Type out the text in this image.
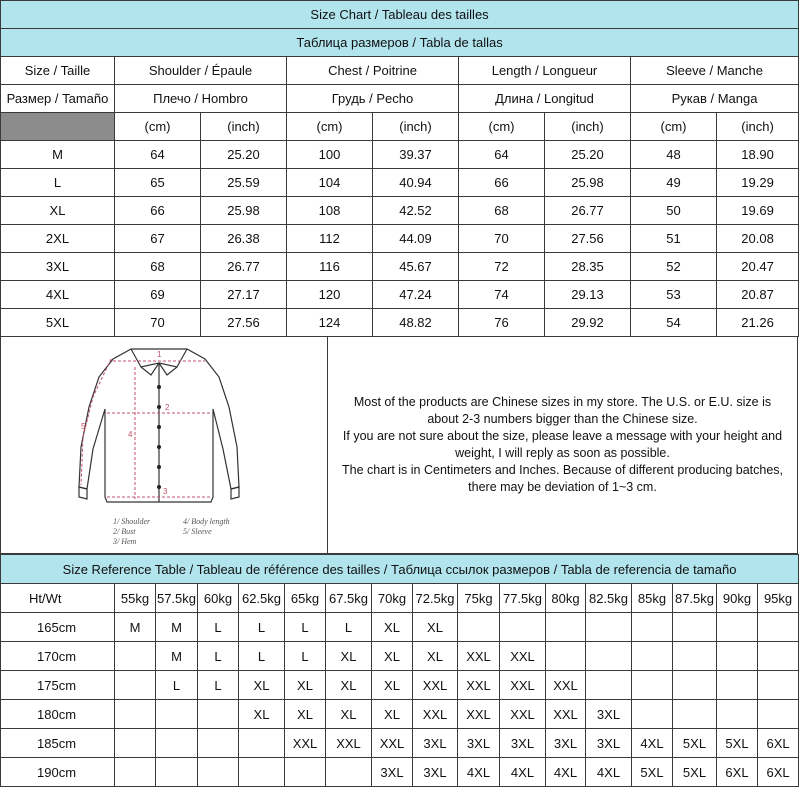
Size Chart / Tableau des tailles								
Таблица размеров / Tabla de tallas								
Size / Taille	Shoulder / Épaule		Chest / Poitrine		Length / Longueur		Sleeve / Manche	
Размер / Tamaño	Плечо / Hombro		Грудь / Pecho		Длина / Longitud		Рукав / Manga	
	(cm)	(inch)	(cm)	(inch)	(cm)	(inch)	(cm)	(inch)
M	64	25.20	100	39.37	64	25.20	48	18.90
L	65	25.59	104	40.94	66	25.98	49	19.29
XL	66	25.98	108	42.52	68	26.77	50	19.69
2XL	67	26.38	112	44.09	70	27.56	51	20.08
3XL	68	26.77	116	45.67	72	28.35	52	20.47
4XL	69	27.17	120	47.24	74	29.13	53	20.87
5XL	70	27.56	124	48.82	76	29.92	54	21.26
1
2
3
4
5
1/ Shoulder	4/ Body length
2/ Bust	5/ Sleeve
3/ Hem
Most of the products are Chinese sizes in my store. The U.S. or E.U. size is
about 2-3 numbers bigger than the Chinese size.
If you are not sure about the size, please leave a message with your height and
weight, I will reply as soon as possible.
The chart is in Centimeters and Inches. Because of different producing batches,
there may be deviation of 1~3 cm.
Size Reference Table / Tableau de référence des tailles / Таблица ссылок размеров / Tabla de referencia de tamaño																
Ht/Wt	55kg	57.5kg	60kg	62.5kg	65kg	67.5kg	70kg	72.5kg	75kg	77.5kg	80kg	82.5kg	85kg	87.5kg	90kg	95kg
165cm	M	M	L	L	L	L	XL	XL								
170cm		M	L	L	L	XL	XL	XL	XXL	XXL						
175cm		L	L	XL	XL	XL	XL	XXL	XXL	XXL	XXL					
180cm				XL	XL	XL	XL	XXL	XXL	XXL	XXL	3XL				
185cm					XXL	XXL	XXL	3XL	3XL	3XL	3XL	3XL	4XL	5XL	5XL	6XL
190cm							3XL	3XL	4XL	4XL	4XL	4XL	5XL	5XL	6XL	6XL
